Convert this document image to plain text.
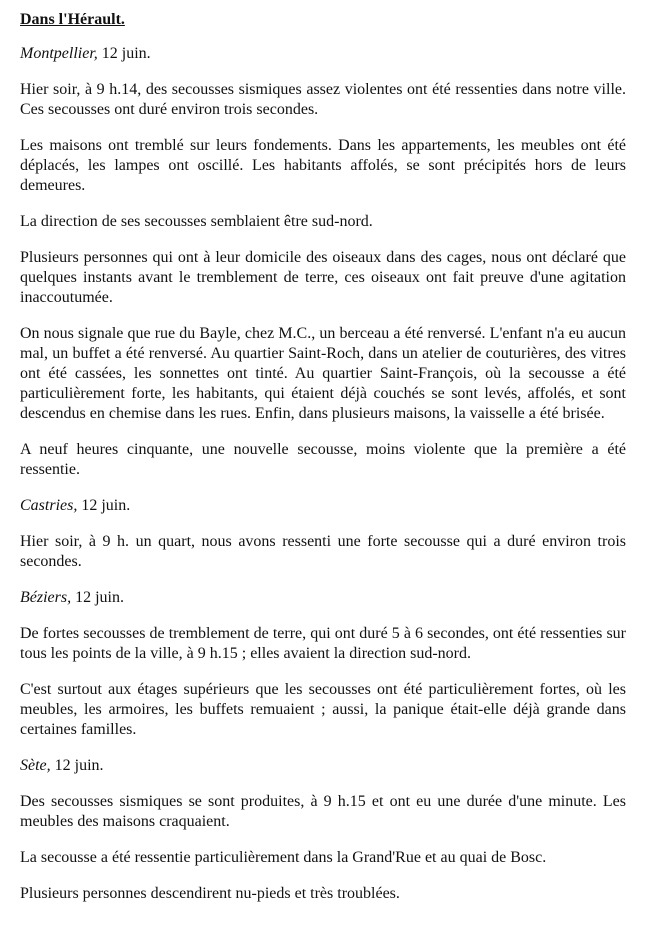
Dans l'Hérault.
Montpellier, 12 juin.

Hier soir, à 9 h.14, des secousses sismiques assez violentes ont été ressenties dans notre ville. Ces secousses ont duré environ trois secondes.

Les maisons ont tremblé sur leurs fondements. Dans les appartements, les meubles ont été déplacés, les lampes ont oscillé. Les habitants affolés, se sont précipités hors de leurs demeures.

La direction de ses secousses semblaient être sud-nord.

Plusieurs personnes qui ont à leur domicile des oiseaux dans des cages, nous ont déclaré que quelques instants avant le tremblement de terre, ces oiseaux ont fait preuve d'une agitation inaccoutumée.

On nous signale que rue du Bayle, chez M.C., un berceau a été renversé. L'enfant n'a eu aucun mal, un buffet a été renversé. Au quartier Saint-Roch, dans un atelier de couturières, des vitres ont été cassées, les sonnettes ont tinté. Au quartier Saint-François, où la secousse a été particulièrement forte, les habitants, qui étaient déjà couchés se sont levés, affolés, et sont descendus en chemise dans les rues. Enfin, dans plusieurs maisons, la vaisselle a été brisée.

A neuf heures cinquante, une nouvelle secousse, moins violente que la première a été ressentie.

Castries, 12 juin.

Hier soir, à 9 h. un quart, nous avons ressenti une forte secousse qui a duré environ trois secondes.

Béziers, 12 juin.

De fortes secousses de tremblement de terre, qui ont duré 5 à 6 secondes, ont été ressenties sur tous les points de la ville, à 9 h.15 ; elles avaient la direction sud-nord.

C'est surtout aux étages supérieurs que les secousses ont été particulièrement fortes, où les meubles, les armoires, les buffets remuaient ; aussi, la panique était-elle déjà grande dans certaines familles.

Sète, 12 juin.

Des secousses sismiques se sont produites, à 9 h.15 et ont eu une durée d'une minute. Les meubles des maisons craquaient.

La secousse a été ressentie particulièrement dans la Grand'Rue et au quai de Bosc.

Plusieurs personnes descendirent nu-pieds et très troublées.
